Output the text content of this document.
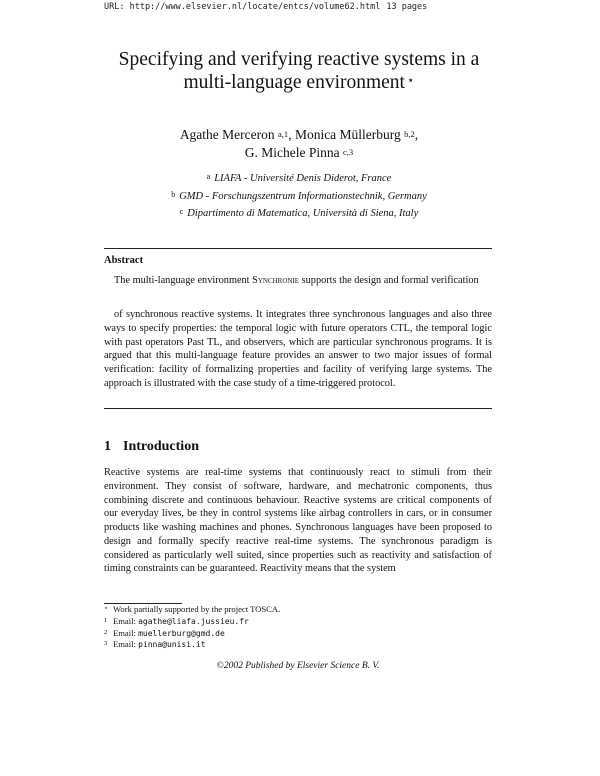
URL: http://www.elsevier.nl/locate/entcs/volume62.html 13 pages
Specifying and verifying reactive systems in a
multi-language environment ⋆
Agathe Merceron $^{a,1}$, Monica Müllerburg $^{b,2}$,
G. Michele Pinna $^{c,3}$
$^a$ LIAFA - Université Denis Diderot, France
$^b$ GMD - Forschungszentrum Informationstechnik, Germany
$^c$ Dipartimento di Matematica, Università di Siena, Italy
Abstract
The multi-language environment Synchronie supports the design and formal verification
of synchronous reactive systems. It integrates three synchronous languages and also three ways to specify properties: the temporal logic with future operators CTL, the temporal logic with past operators Past TL, and observers, which are particular synchronous programs. It is argued that this multi-language feature provides an answer to two major issues of formal verification: facility of formalizing properties and facility of verifying large systems. The approach is illustrated with the case study of a time-triggered protocol.
1 Introduction
Reactive systems are real-time systems that continuously react to stimuli from their environment. They consist of software, hardware, and mechatronic components, thus combining discrete and continuous behaviour. Reactive systems are critical components of our everyday lives, be they in control systems like airbag controllers in cars, or in consumer products like washing machines and phones. Synchronous languages have been proposed to design and formally specify reactive real-time systems. The synchronous paradigm is considered as particularly well suited, since properties such as reactivity and satisfaction of timing constraints can be guaranteed. Reactivity means that the system
⋆ Work partially supported by the project TOSCA.
1 Email: agathe@liafa.jussieu.fr
2 Email: muellerburg@gmd.de
3 Email: pinna@unisi.it
©2002 Published by Elsevier Science B. V.
